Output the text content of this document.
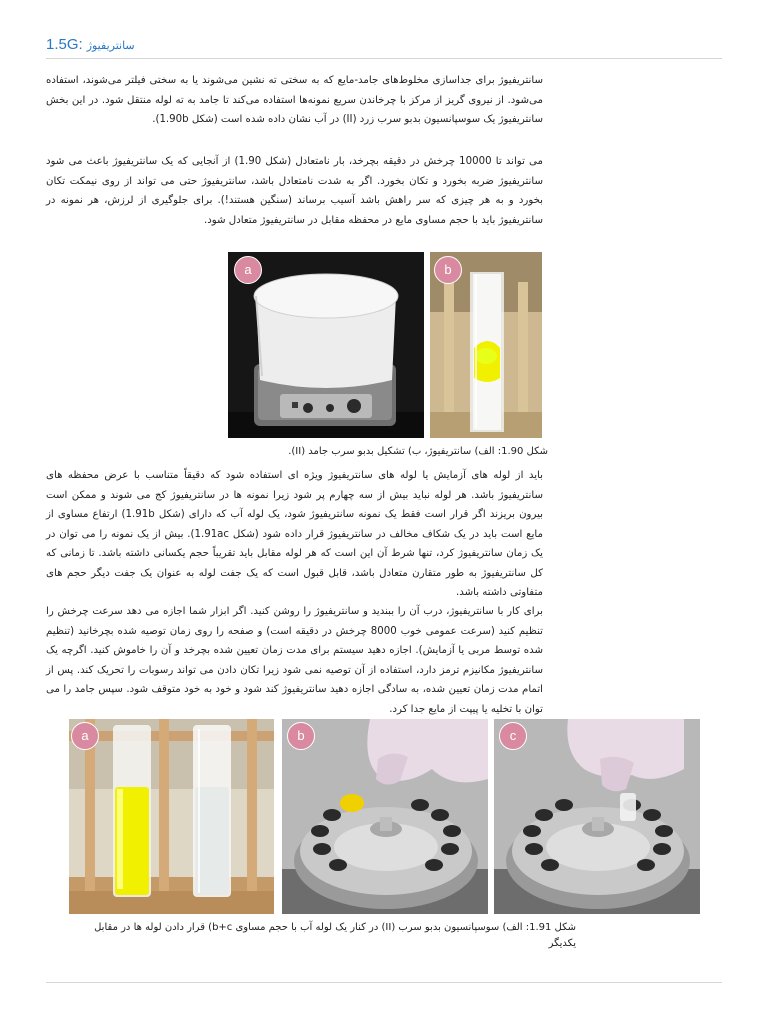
1.5G: سانتریفیوژ

سانتریفیوژ برای جداسازی مخلوط‌های جامد-مایع که به سختی ته نشین می‌شوند یا به سختی فیلتر می‌شوند، استفاده می‌شود. از نیروی گریز از مرکز با چرخاندن سریع نمونه‌ها استفاده می‌کند تا جامد به ته لوله منتقل شود. در این بخش سانتریفیوژ یک سوسپانسیون بدبو سرب زرد (II) در آب نشان داده شده است (شکل 1.90b).

می تواند تا 10000 چرخش در دقیقه بچرخد، بار نامتعادل (شکل 1.90) از آنجایی که یک سانتریفیوژ باعث می شود سانتریفیوژ ضربه بخورد و تکان بخورد. اگر به شدت نامتعادل باشد، سانتریفیوژ حتی می تواند از روی نیمکت تکان بخورد و به هر چیزی که سر راهش باشد آسیب برساند (سنگین هستند!). برای جلوگیری از لرزش، هر نمونه در سانتریفیوژ باید با حجم مساوی مایع در محفظه مقابل در سانتریفیوژ متعادل شود.

a	b
شکل 1.90: الف) سانتریفیوژ، ب) تشکیل بدبو سرب جامد (II).

باید از لوله های آزمایش یا لوله های سانتریفیوژ ویژه ای استفاده شود که دقیقاً متناسب با عرض محفظه های سانتریفیوژ باشد. هر لوله نباید بیش از سه چهارم پر شود زیرا نمونه ها در سانتریفیوژ کج می شوند و ممکن است بیرون بریزند اگر قرار است فقط یک نمونه سانتریفیوژ شود، یک لوله آب که دارای (شکل 1.91b) ارتفاع مساوی از مایع است باید در یک شکاف مخالف در سانتریفیوژ قرار داده شود (شکل 1.91ac). بیش از یک نمونه را می توان در یک زمان سانتریفیوژ کرد، تنها شرط آن این است که هر لوله مقابل باید تقریباً حجم یکسانی داشته باشد. تا زمانی که کل سانتریفیوژ به طور متقارن متعادل باشد، قابل قبول است که یک جفت لوله به عنوان یک جفت دیگر حجم های متفاوتی داشته باشد.

برای کار با سانتریفیوژ، درب آن را ببندید و سانتریفیوژ را روشن کنید. اگر ابزار شما اجازه می دهد سرعت چرخش را تنظیم کنید (سرعت عمومی خوب 8000 چرخش در دقیقه است) و صفحه را روی زمان توصیه شده بچرخانید (تنظیم شده توسط مربی یا آزمایش). اجازه دهید سیستم برای مدت زمان تعیین شده بچرخد و آن را خاموش کنید. اگرچه یک سانتریفیوژ مکانیزم ترمز دارد، استفاده از آن توصیه نمی شود زیرا تکان دادن می تواند رسوبات را تحریک کند. پس از اتمام مدت زمان تعیین شده، به سادگی اجازه دهید سانتریفیوژ کند شود و خود به خود متوقف شود. سپس جامد را می توان با تخلیه یا پیپت از مایع جدا کرد.

a	b	c
شکل 1.91: الف) سوسپانسیون بدبو سرب (II) در کنار یک لوله آب با حجم مساوی b+c) قرار دادن لوله ها در مقابل یکدیگر
